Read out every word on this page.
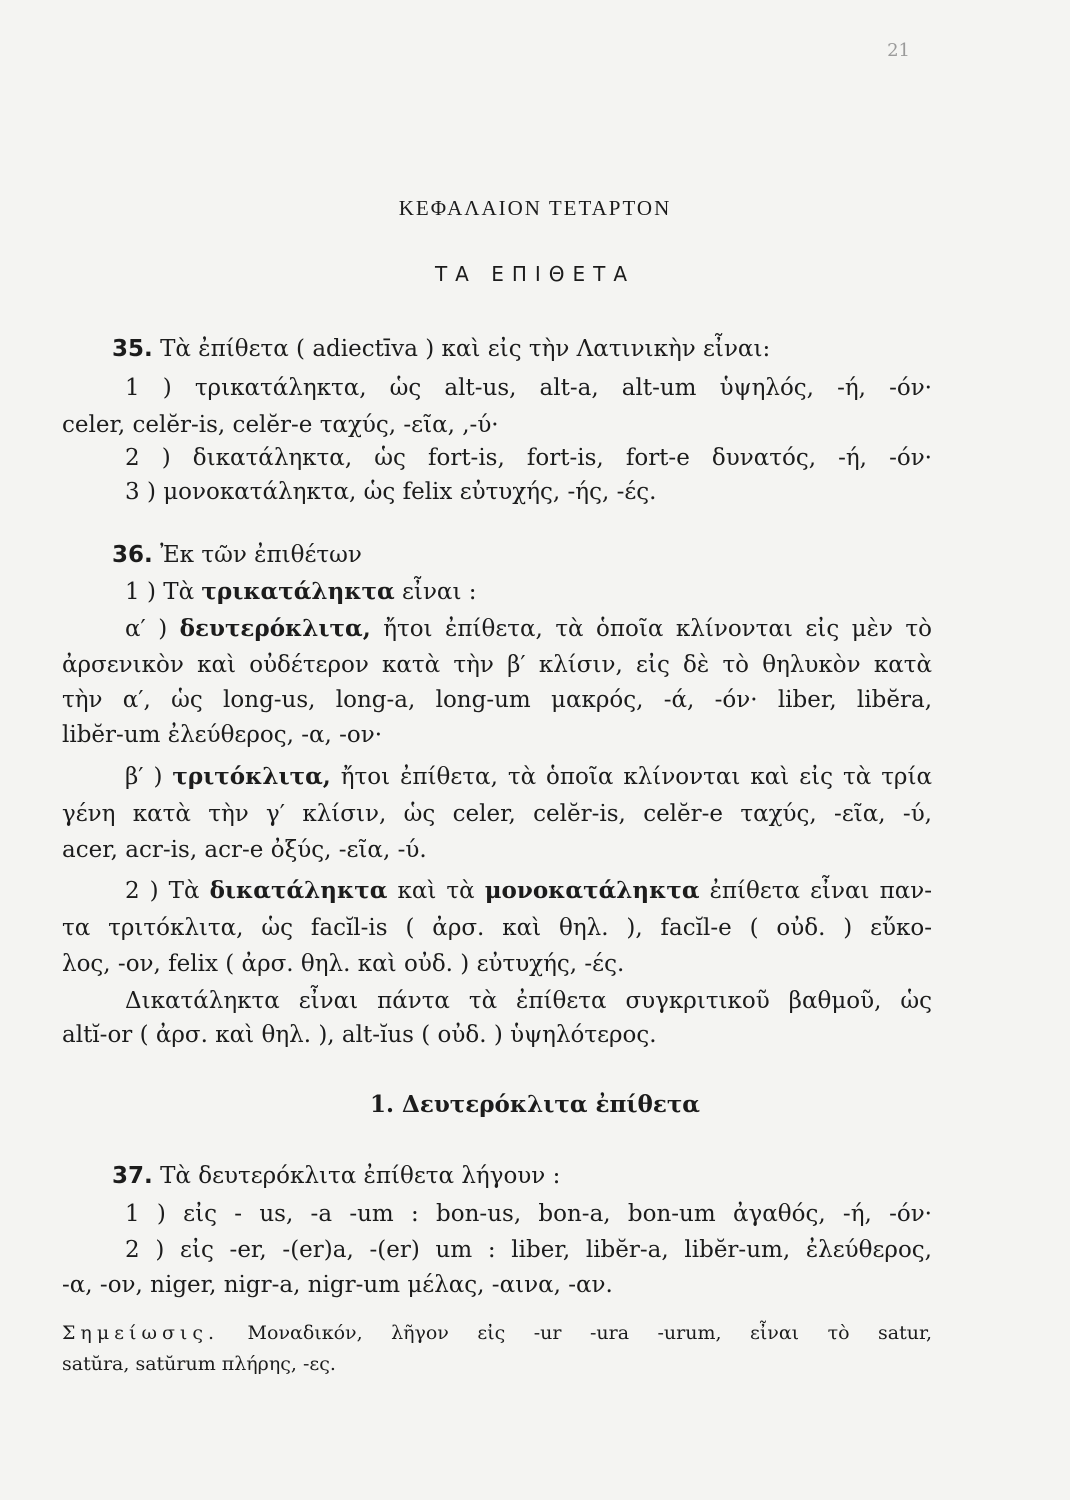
21
ΚΕΦΑΛΑΙΟΝ ΤΕΤΑΡΤΟΝ
ΤΑ ΕΠΙΘΕΤΑ
35. Τὰ ἐπίθετα ( adiectīva ) καὶ εἰς τὴν Λατινικὴν εἶναι:
1 ) τρικατάληκτα, ὡς alt-us, alt-a, alt-um ὑψηλός, -ή, -όν·
celer, celĕr-is, celĕr-e ταχύς, -εῖα, ,-ύ·
2 ) δικατάληκτα, ὡς fort-is, fort-is, fort-e δυνατός, -ή, -όν·
3 ) μονοκατάληκτα, ὡς felix εὐτυχής, -ής, -ές.
36. Ἐκ τῶν ἐπιθέτων
1 ) Τὰ τρικατάληκτα εἶναι :
α′ ) δευτερόκλιτα, ἤτοι ἐπίθετα, τὰ ὁποῖα κλίνονται εἰς μὲν τὸ
ἀρσενικὸν καὶ οὐδέτερον κατὰ τὴν β′ κλίσιν, εἰς δὲ τὸ θηλυκὸν κατὰ
τὴν α′, ὡς long-us, long-a, long-um μακρός, -ά, -όν· liber, libĕra,
libĕr-um ἐλεύθερος, -α, -ον·
β′ ) τριτόκλιτα, ἤτοι ἐπίθετα, τὰ ὁποῖα κλίνονται καὶ εἰς τὰ τρία
γένη κατὰ τὴν γ′ κλίσιν, ὡς celer, celĕr-is, celĕr-e ταχύς, -εῖα, -ύ,
acer, acr-is, acr-e ὀξύς, -εῖα, -ύ.
2 ) Τὰ δικατάληκτα καὶ τὰ μονοκατάληκτα ἐπίθετα εἶναι παν-
τα τριτόκλιτα, ὡς facĭl-is ( ἀρσ. καὶ θηλ. ), facĭl-e ( οὐδ. ) εὔκο-
λος, -ον, felix ( ἀρσ. θηλ. καὶ οὐδ. ) εὐτυχής, -ές.
Δικατάληκτα εἶναι πάντα τὰ ἐπίθετα συγκριτικοῦ βαθμοῦ, ὡς
altĭ-or ( ἀρσ. καὶ θηλ. ), alt-ĭus ( οὐδ. ) ὑψηλότερος.
1. Δευτερόκλιτα ἐπίθετα
37. Τὰ δευτερόκλιτα ἐπίθετα λήγουν :
1 ) εἰς - us, -a -um : bon-us, bon-a, bon-um ἀγαθός, -ή, -όν·
2 ) εἰς -er, -(er)a, -(er) um : liber, libĕr-a, libĕr-um, ἐλεύθερος,
-α, -ον, niger, nigr-a, nigr-um μέλας, -αινα, -αν.
Σημείωσις. Μοναδικόν, λῆγον εἰς -ur -ura -urum, εἶναι τὸ satur,
satŭra, satŭrum πλήρης, -ες.
